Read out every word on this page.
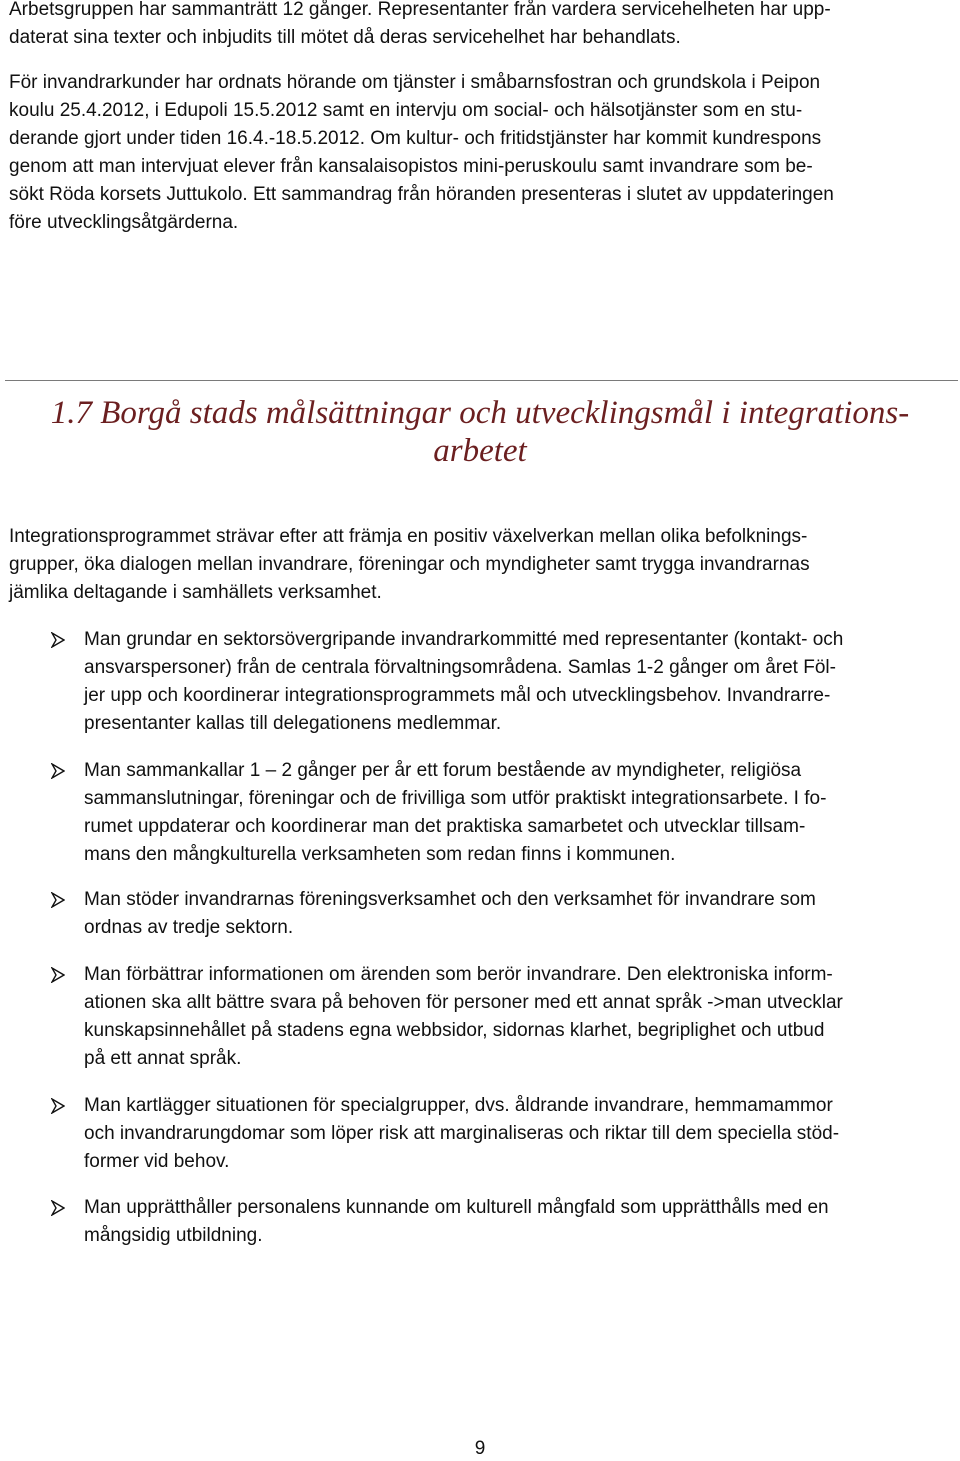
Arbetsgruppen har sammanträtt 12 gånger. Representanter från vardera servicehelheten har upp-
daterat sina texter och inbjudits till mötet då deras servicehelhet har behandlats.

För invandrarkunder har ordnats hörande om tjänster i småbarnsfostran och grundskola i Peipon
koulu 25.4.2012, i Edupoli 15.5.2012 samt en intervju om social- och hälsotjänster som en stu-
derande gjort under tiden 16.4.-18.5.2012. Om kultur- och fritidstjänster har kommit kundrespons
genom att man intervjuat elever från kansalaisopistos mini-peruskoulu samt invandrare som be-
sökt Röda korsets Juttukolo. Ett sammandrag från höranden presenteras i slutet av uppdateringen
före utvecklingsåtgärderna.

1.7 Borgå stads målsättningar och utvecklingsmål i integrations-
arbetet

Integrationsprogrammet strävar efter att främja en positiv växelverkan mellan olika befolknings-
grupper, öka dialogen mellan invandrare, föreningar och myndigheter samt trygga invandrarnas
jämlika deltagande i samhällets verksamhet.

Man grundar en sektorsövergripande invandrarkommitté med representanter (kontakt- och
ansvarspersoner) från de centrala förvaltningsområdena. Samlas 1-2 gånger om året Föl-
jer upp och koordinerar integrationsprogrammets mål och utvecklingsbehov. Invandrarre-
presentanter kallas till delegationens medlemmar.

Man sammankallar 1 – 2 gånger per år ett forum bestående av myndigheter, religiösa
sammanslutningar, föreningar och de frivilliga som utför praktiskt integrationsarbete. I fo-
rumet uppdaterar och koordinerar man det praktiska samarbetet och utvecklar tillsam-
mans den mångkulturella verksamheten som redan finns i kommunen.

Man stöder invandrarnas föreningsverksamhet och den verksamhet för invandrare som
ordnas av tredje sektorn.

Man förbättrar informationen om ärenden som berör invandrare. Den elektroniska inform-
ationen ska allt bättre svara på behoven för personer med ett annat språk ->man utvecklar
kunskapsinnehållet på stadens egna webbsidor, sidornas klarhet, begriplighet och utbud
på ett annat språk.

Man kartlägger situationen för specialgrupper, dvs. åldrande invandrare, hemmamammor
och invandrarungdomar som löper risk att marginaliseras och riktar till dem speciella stöd-
former vid behov.

Man upprätthåller personalens kunnande om kulturell mångfald som upprätthålls med en
mångsidig utbildning.

9
